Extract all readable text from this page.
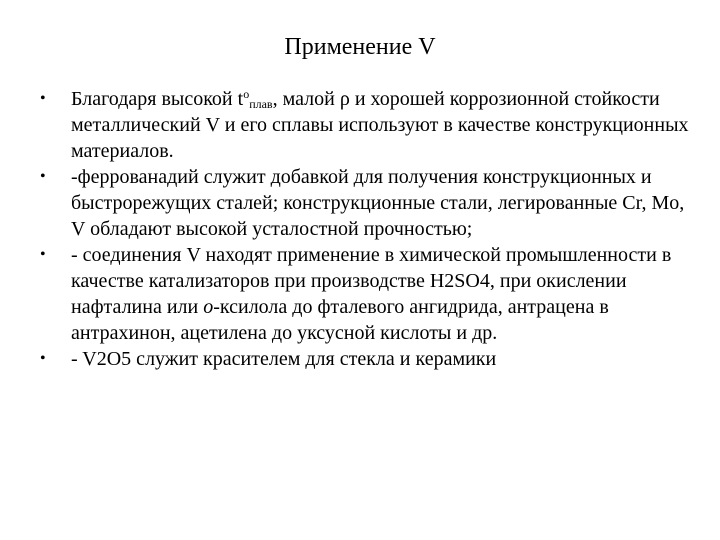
Применение V
•	Благодаря высокой $t^o_{плав}$, малой ρ и хорошей коррозионной стойкости металлический V и его сплавы используют в качестве конструкционных материалов.
•	-феррованадий служит добавкой для получения конструкционных и быстрорежущих сталей; конструкционные стали, легированные Cr, Mo, V обладают высокой усталостной прочностью;
•	- соединения V находят применение в химической промышленности в качестве катализаторов при производстве H2SO4, при окислении нафталина или о-ксилола до фталевого ангидрида, антрацена в антрахинон, ацетилена до уксусной кислоты и др.
•	- V2O5 служит красителем для стекла и керамики
